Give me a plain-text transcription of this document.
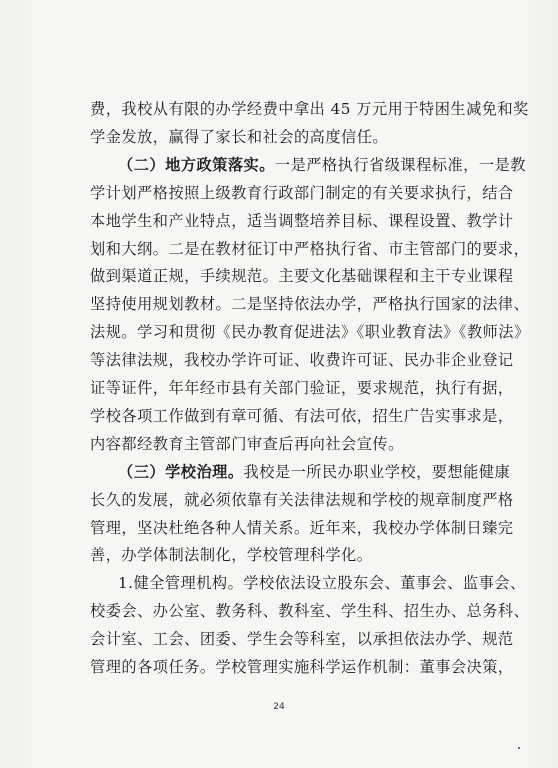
费，我校从有限的办学经费中拿出 45 万元用于特困生减免和奖
学金发放，赢得了家长和社会的高度信任。
（二）地方政策落实。一是严格执行省级课程标准，一是教
学计划严格按照上级教育行政部门制定的有关要求执行，结合
本地学生和产业特点，适当调整培养目标、课程设置、教学计
划和大纲。二是在教材征订中严格执行省、市主管部门的要求，
做到渠道正规，手续规范。主要文化基础课程和主干专业课程
坚持使用规划教材。二是坚持依法办学，严格执行国家的法律、
法规。学习和贯彻《民办教育促进法》《职业教育法》《教师法》
等法律法规，我校办学许可证、收费许可证、民办非企业登记
证等证件，年年经市县有关部门验证，要求规范，执行有据，
学校各项工作做到有章可循、有法可依，招生广告实事求是，
内容都经教育主管部门审查后再向社会宣传。
（三）学校治理。我校是一所民办职业学校，要想能健康
长久的发展，就必须依靠有关法律法规和学校的规章制度严格
管理，坚决杜绝各种人情关系。近年来，我校办学体制日臻完
善，办学体制法制化，学校管理科学化。
1.健全管理机构。学校依法设立股东会、董事会、监事会、
校委会、办公室、教务科、教科室、学生科、招生办、总务科、
会计室、工会、团委、学生会等科室，以承担依法办学、规范
管理的各项任务。学校管理实施科学运作机制：董事会决策，
24
